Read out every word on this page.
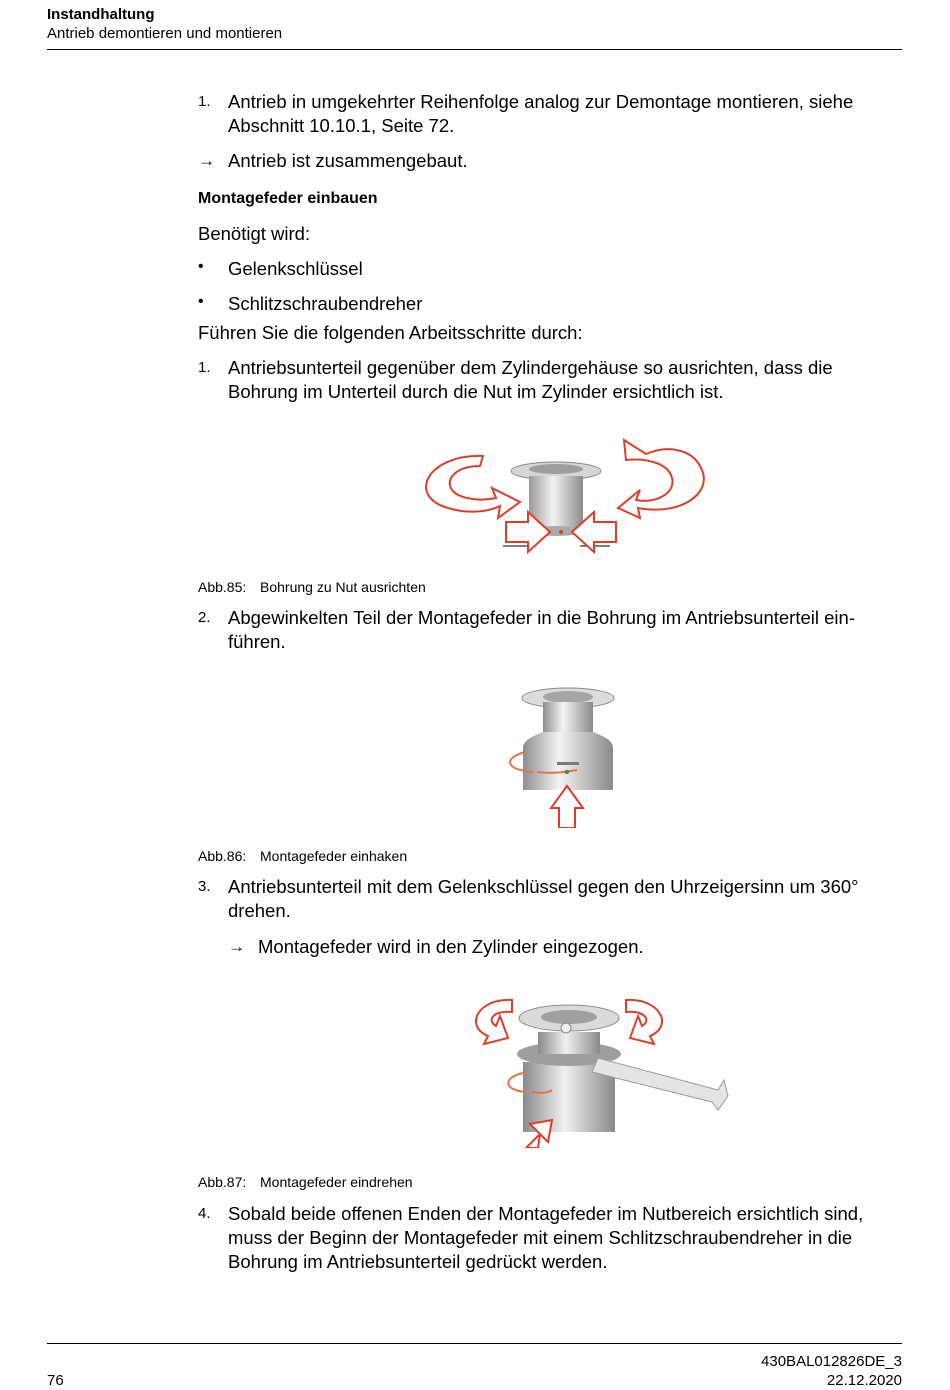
Instandhaltung
Antrieb demontieren und montieren
1. Antrieb in umgekehrter Reihenfolge analog zur Demontage montieren, siehe Abschnitt 10.10.1, Seite 72.
→ Antrieb ist zusammengebaut.
Montagefeder einbauen
Benötigt wird:
• Gelenkschlüssel
• Schlitzschraubendreher
Führen Sie die folgenden Arbeitsschritte durch:
1. Antriebsunterteil gegenüber dem Zylindergehäuse so ausrichten, dass die Bohrung im Unterteil durch die Nut im Zylinder ersichtlich ist.
Abb.85: Bohrung zu Nut ausrichten
2. Abgewinkelten Teil der Montagefeder in die Bohrung im Antriebsunterteil ein-führen.
Abb.86: Montagefeder einhaken
3. Antriebsunterteil mit dem Gelenkschlüssel gegen den Uhrzeigersinn um 360° drehen.
→ Montagefeder wird in den Zylinder eingezogen.
Abb.87: Montagefeder eindrehen
4. Sobald beide offenen Enden der Montagefeder im Nutbereich ersichtlich sind, muss der Beginn der Montagefeder mit einem Schlitzschraubendreher in die Bohrung im Antriebsunterteil gedrückt werden.
76
430BAL012826DE_3
22.12.2020
